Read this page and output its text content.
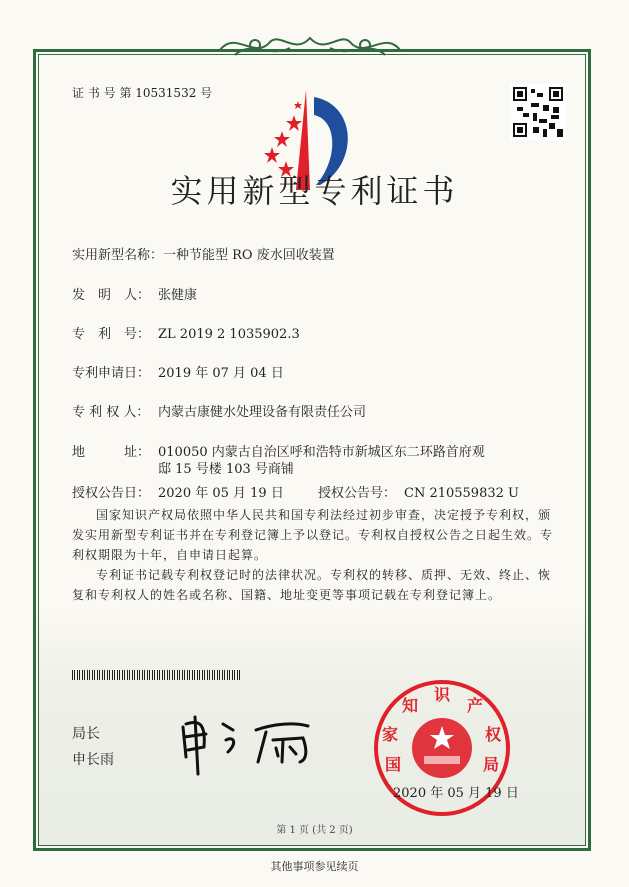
证 书 号 第 10531532 号
实用新型专利证书
实用新型名称： 一种节能型 RO 废水回收装置
发　明　人： 张健康
专　利　号： ZL 2019 2 1035902.3
专利申请日： 2019 年 07 月 04 日
专 利 权 人： 内蒙古康健水处理设备有限责任公司
地　　　址： 010050 内蒙古自治区呼和浩特市新城区东二环路首府观
邸 15 号楼 103 号商铺
授权公告日： 2020 年 05 月 19 日	授权公告号： CN 210559832 U

国家知识产权局依照中华人民共和国专利法经过初步审查，决定授予专利权，颁发实用新型专利证书并在专利登记簿上予以登记。专利权自授权公告之日起生效。专利权期限为十年，自申请日起算。

专利证书记载专利权登记时的法律状况。专利权的转移、质押、无效、终止、恢复和专利权人的姓名或名称、国籍、地址变更等事项记载在专利登记簿上。

局长
申长雨	国
家
知
识
产
权
局
2020 年 05 月 19 日
第 1 页 (共 2 页)
其他事项参见续页
